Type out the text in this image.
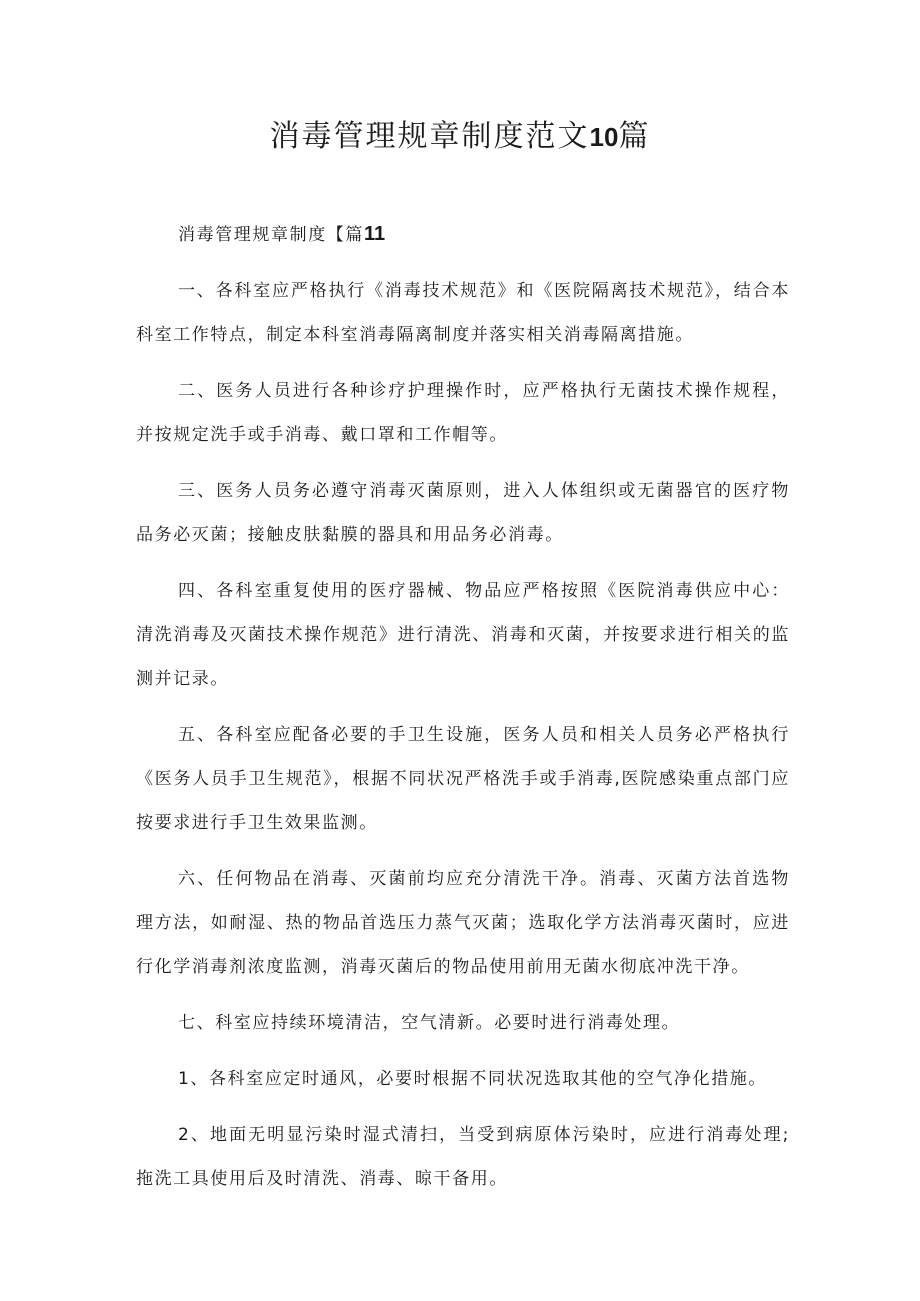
消毒管理规章制度范文10篇

消毒管理规章制度【篇11

一、各科室应严格执行《消毒技术规范》和《医院隔离技术规范》，结合本科室工作特点，制定本科室消毒隔离制度并落实相关消毒隔离措施。

二、医务人员进行各种诊疗护理操作时，应严格执行无菌技术操作规程，并按规定洗手或手消毒、戴口罩和工作帽等。

三、医务人员务必遵守消毒灭菌原则，进入人体组织或无菌器官的医疗物品务必灭菌；接触皮肤黏膜的器具和用品务必消毒。

四、各科室重复使用的医疗器械、物品应严格按照《医院消毒供应中心：清洗消毒及灭菌技术操作规范》进行清洗、消毒和灭菌，并按要求进行相关的监测并记录。

五、各科室应配备必要的手卫生设施，医务人员和相关人员务必严格执行《医务人员手卫生规范》，根据不同状况严格洗手或手消毒,医院感染重点部门应按要求进行手卫生效果监测。

六、任何物品在消毒、灭菌前均应充分清洗干净。消毒、灭菌方法首选物理方法，如耐湿、热的物品首选压力蒸气灭菌；选取化学方法消毒灭菌时，应进行化学消毒剂浓度监测，消毒灭菌后的物品使用前用无菌水彻底冲洗干净。

七、科室应持续环境清洁，空气清新。必要时进行消毒处理。

1、各科室应定时通风，必要时根据不同状况选取其他的空气净化措施。

2、地面无明显污染时湿式清扫，当受到病原体污染时，应进行消毒处理;拖洗工具使用后及时清洗、消毒、晾干备用。
